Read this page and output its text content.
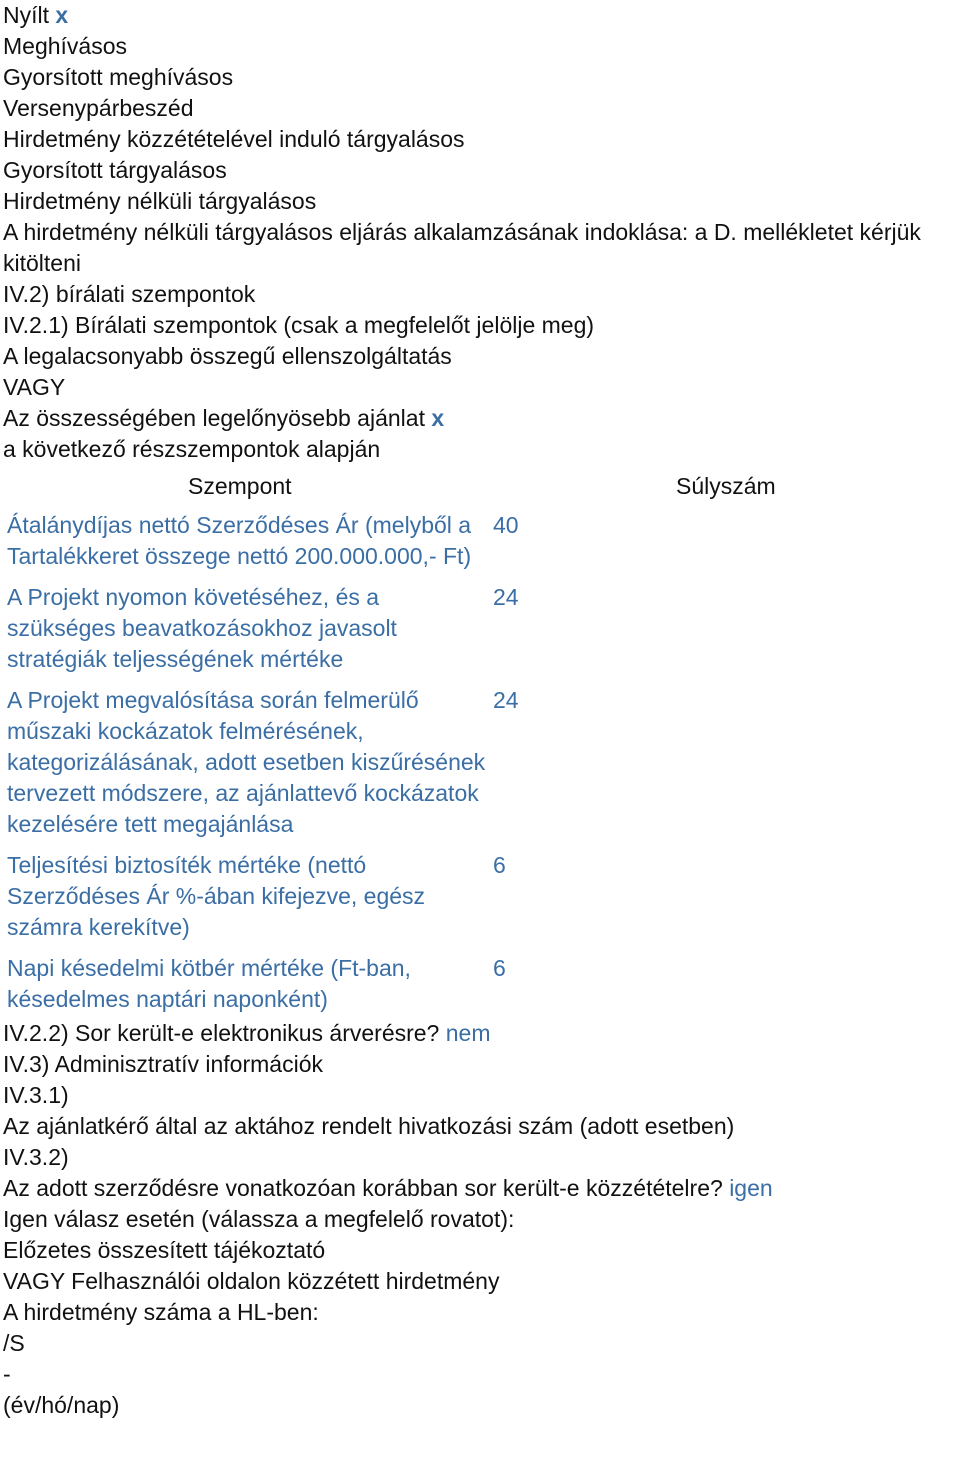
Nyílt x
Meghívásos
Gyorsított meghívásos
Versenypárbeszéd
Hirdetmény közzétételével induló tárgyalásos
Gyorsított tárgyalásos
Hirdetmény nélküli tárgyalásos
A hirdetmény nélküli tárgyalásos eljárás alkalamzásának indoklása: a D. mellékletet kérjük kitölteni
IV.2) bírálati szempontok
IV.2.1) Bírálati szempontok (csak a megfelelőt jelölje meg)
A legalacsonyabb összegű ellenszolgáltatás
VAGY
Az összességében legelőnyösebb ajánlat x
a következő részszempontok alapján
Szempont	Súlyszám
Átalánydíjas nettó Szerződéses Ár (melyből a Tartalékkeret összege nettó 200.000.000,- Ft)	40
A Projekt nyomon követéséhez, és a szükséges beavatkozásokhoz javasolt stratégiák teljességének mértéke	24
A Projekt megvalósítása során felmerülő műszaki kockázatok felmérésének, kategorizálásának, adott esetben kiszűrésének tervezett módszere, az ajánlattevő kockázatok kezelésére tett megajánlása	24
Teljesítési biztosíték mértéke (nettó Szerződéses Ár %-ában kifejezve, egész számra kerekítve)	6
Napi késedelmi kötbér mértéke (Ft-ban, késedelmes naptári naponként)	6
IV.2.2) Sor került-e elektronikus árverésre? nem
IV.3) Adminisztratív információk
IV.3.1)
Az ajánlatkérő által az aktához rendelt hivatkozási szám (adott esetben)
IV.3.2)
Az adott szerződésre vonatkozóan korábban sor került-e közzétételre? igen
Igen válasz esetén (válassza a megfelelő rovatot):
Előzetes összesített tájékoztató
VAGY Felhasználói oldalon közzétett hirdetmény
A hirdetmény száma a HL-ben:
/S
-
(év/hó/nap)
